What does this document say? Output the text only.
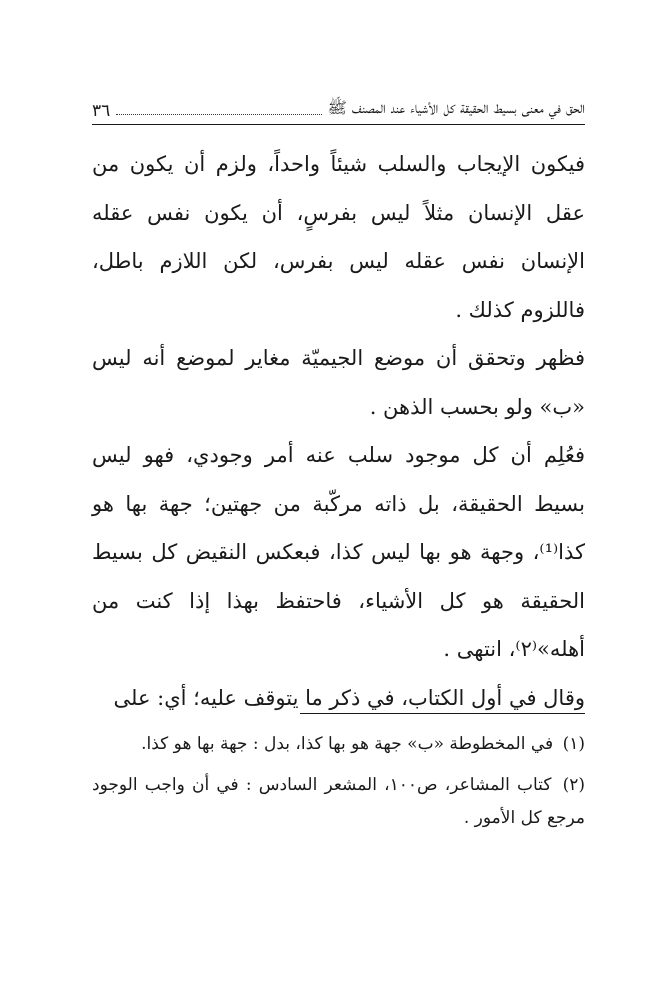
الحق في معنى بسيط الحقيقة كل الأشياء عند المصنف ﷺ
٣٦

فيكون الإيجاب والسلب شيئاً واحداً، ولزم أن يكون من عقل الإنسان مثلاً ليس بفرسٍ، أن يكون نفس عقله الإنسان نفس عقله ليس بفرس، لكن اللازم باطل، فاللزوم كذلك .

فظهر وتحقق أن موضع الجيميّة مغاير لموضع أنه ليس «ب» ولو بحسب الذهن .

فعُلِم أن كل موجود سلب عنه أمر وجودي، فهو ليس بسيط الحقيقة، بل ذاته مركّبة من جهتين؛ جهة بها هو كذا⁽¹⁾، وجهة هو بها ليس كذا، فبعكس النقيض كل بسيط الحقيقة هو كل الأشياء، فاحتفظ بهذا إذا كنت من أهله»⁽٢⁾، انتهى .

وقال في أول الكتاب، في ذكر ما يتوقف عليه؛ أي: على

(١) في المخطوطة «ب» جهة هو بها كذا، بدل : جهة بها هو كذا.

(٢) كتاب المشاعر، ص١٠٠، المشعر السادس : في أن واجب الوجود مرجع كل الأمور .
